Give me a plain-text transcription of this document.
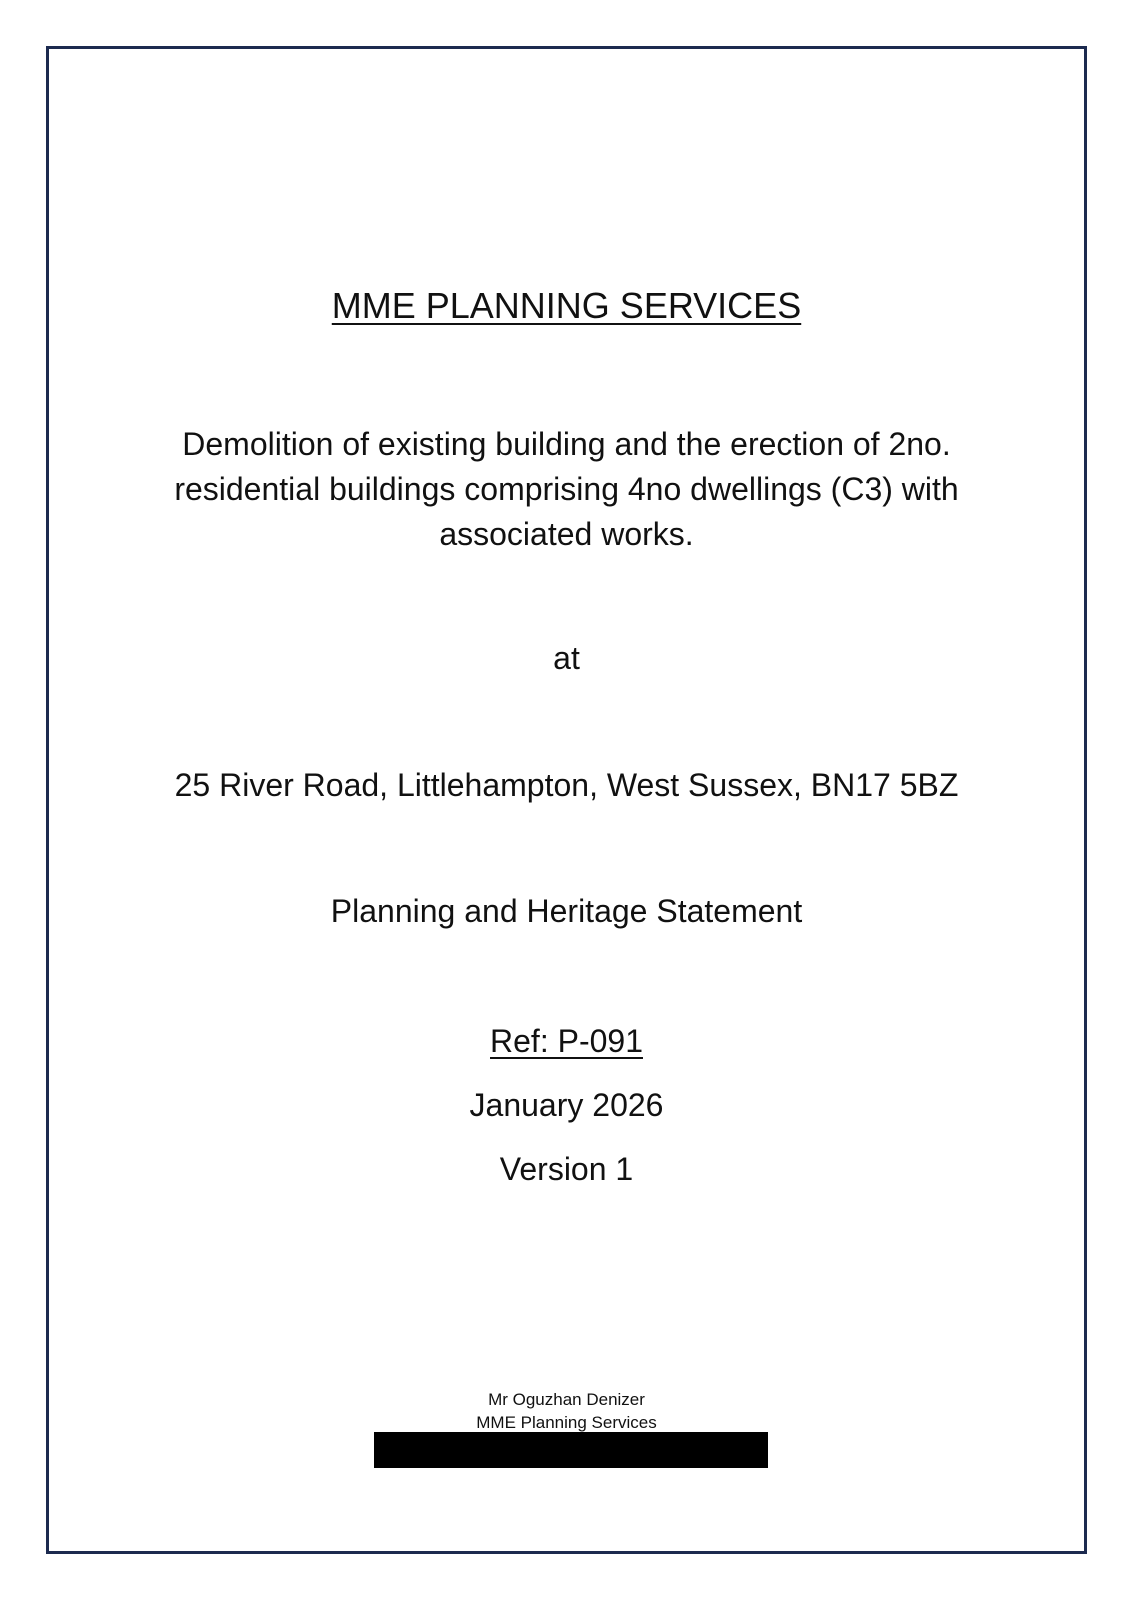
MME PLANNING SERVICES
Demolition of existing building and the erection of 2no.
residential buildings comprising 4no dwellings (C3) with
associated works.
at
25 River Road, Littlehampton, West Sussex, BN17 5BZ
Planning and Heritage Statement
Ref: P-091
January 2026
Version 1
Mr Oguzhan Denizer
MME Planning Services
